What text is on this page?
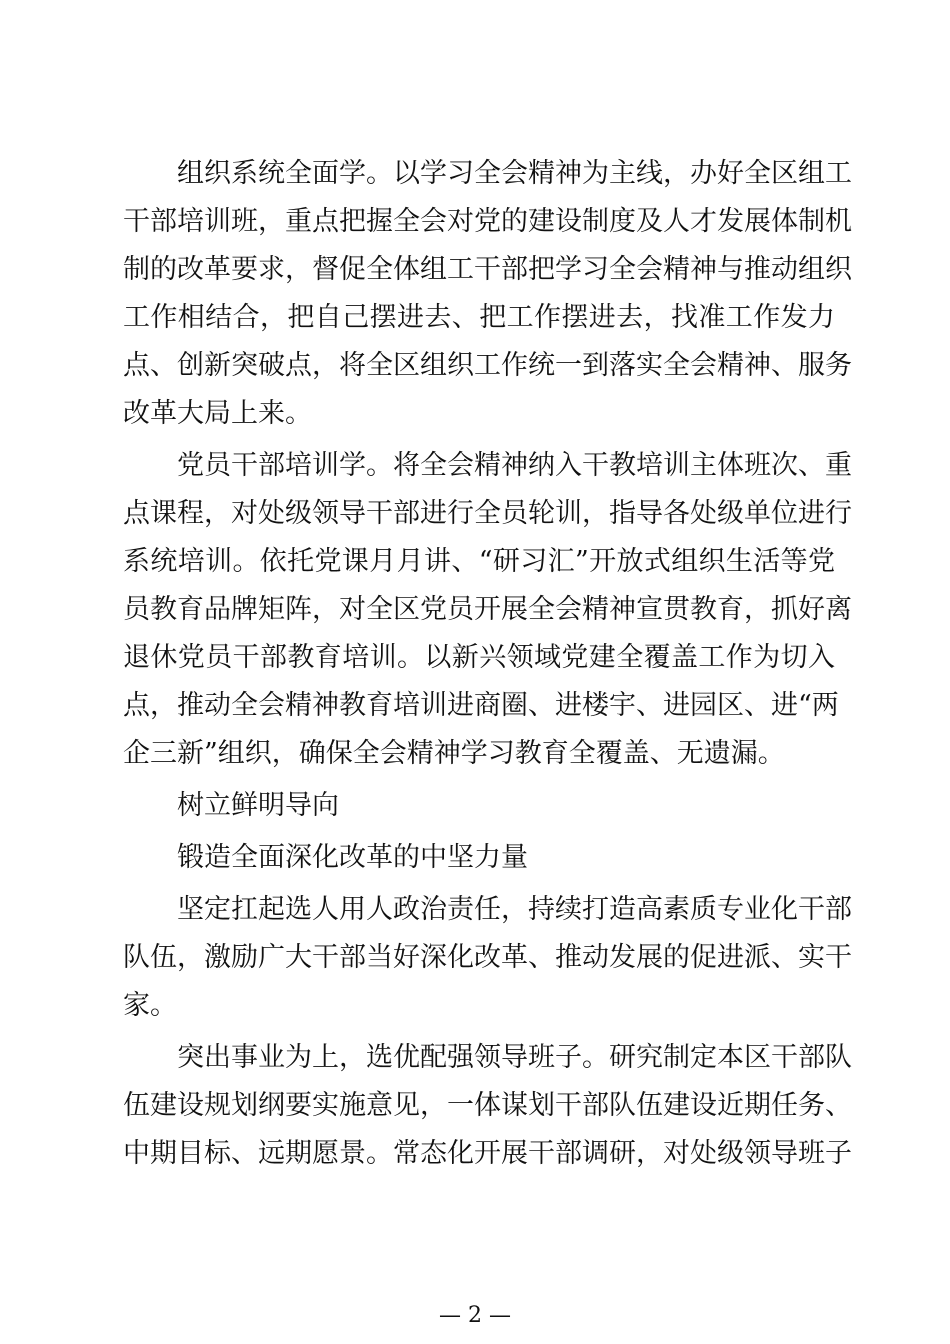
组织系统全面学。以学习全会精神为主线，办好全区组工
干部培训班，重点把握全会对党的建设制度及人才发展体制机
制的改革要求，督促全体组工干部把学习全会精神与推动组织
工作相结合，把自己摆进去、把工作摆进去，找准工作发力
点、创新突破点，将全区组织工作统一到落实全会精神、服务
改革大局上来。
党员干部培训学。将全会精神纳入干教培训主体班次、重
点课程，对处级领导干部进行全员轮训，指导各处级单位进行
系统培训。依托党课月月讲、“研习汇”开放式组织生活等党
员教育品牌矩阵，对全区党员开展全会精神宣贯教育，抓好离
退休党员干部教育培训。以新兴领域党建全覆盖工作为切入
点，推动全会精神教育培训进商圈、进楼宇、进园区、进“两
企三新”组织，确保全会精神学习教育全覆盖、无遗漏。
树立鲜明导向
锻造全面深化改革的中坚力量
坚定扛起选人用人政治责任，持续打造高素质专业化干部
队伍，激励广大干部当好深化改革、推动发展的促进派、实干
家。
突出事业为上，选优配强领导班子。研究制定本区干部队
伍建设规划纲要实施意见，一体谋划干部队伍建设近期任务、
中期目标、远期愿景。常态化开展干部调研，对处级领导班子
— 2 —
